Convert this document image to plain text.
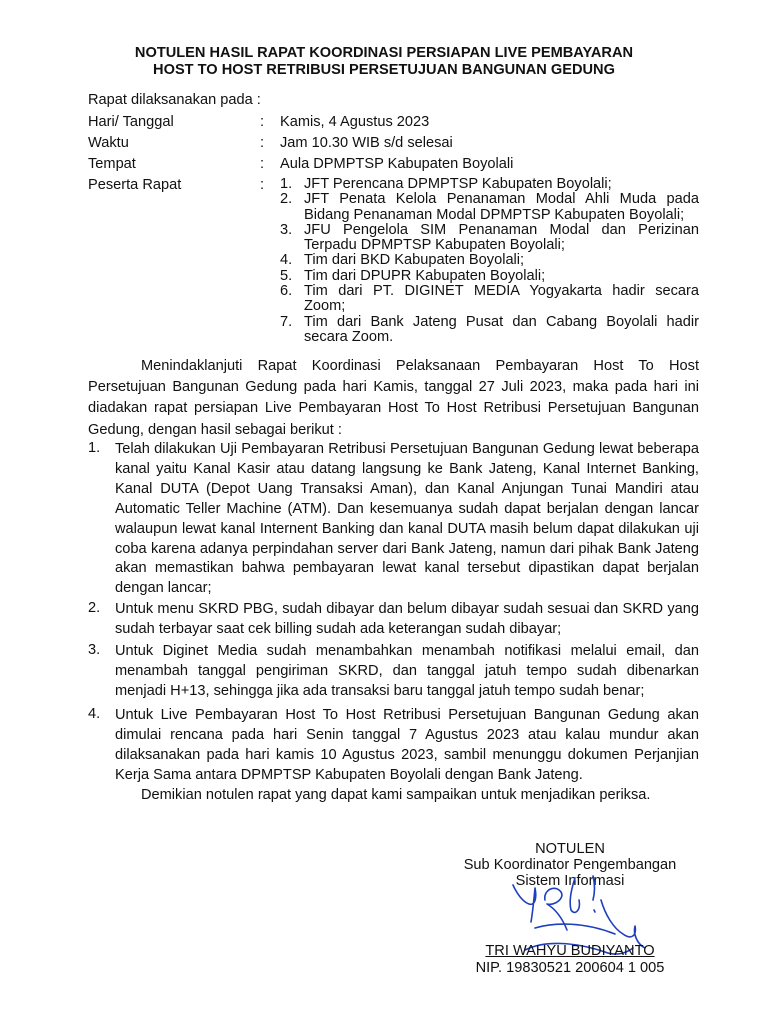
NOTULEN HASIL RAPAT KOORDINASI PERSIAPAN LIVE PEMBAYARAN
HOST TO HOST RETRIBUSI PERSETUJUAN BANGUNAN GEDUNG
Rapat dilaksanakan pada :
Hari/ Tanggal	: Kamis, 4 Agustus 2023
Waktu	: Jam 10.30 WIB s/d selesai
Tempat	: Aula DPMPTSP Kabupaten Boyolali
Peserta Rapat	: 1. JFT Perencana DPMPTSP Kabupaten Boyolali;
2. JFT Penata Kelola Penanaman Modal Ahli Muda pada Bidang Penanaman Modal DPMPTSP Kabupaten Boyolali;
3. JFU Pengelola SIM Penanaman Modal dan Perizinan Terpadu DPMPTSP Kabupaten Boyolali;
4. Tim dari BKD Kabupaten Boyolali;
5. Tim dari DPUPR Kabupaten Boyolali;
6. Tim dari PT. DIGINET MEDIA Yogyakarta hadir secara Zoom;
7. Tim dari Bank Jateng Pusat dan Cabang Boyolali hadir secara Zoom.
Menindaklanjuti Rapat Koordinasi Pelaksanaan Pembayaran Host To Host Persetujuan Bangunan Gedung pada hari Kamis, tanggal 27 Juli 2023, maka pada hari ini diadakan rapat persiapan Live Pembayaran Host To Host Retribusi Persetujuan Bangunan Gedung, dengan hasil sebagai berikut :
1. Telah dilakukan Uji Pembayaran Retribusi Persetujuan Bangunan Gedung lewat beberapa kanal yaitu Kanal Kasir atau datang langsung ke Bank Jateng, Kanal Internet Banking, Kanal DUTA (Depot Uang Transaksi Aman), dan Kanal Anjungan Tunai Mandiri atau Automatic Teller Machine (ATM). Dan kesemuanya sudah dapat berjalan dengan lancar walaupun lewat kanal Internent Banking dan kanal DUTA masih belum dapat dilakukan uji coba karena adanya perpindahan server dari Bank Jateng, namun dari pihak Bank Jateng akan memastikan bahwa pembayaran lewat kanal tersebut dipastikan dapat berjalan dengan lancar;
2. Untuk menu SKRD PBG, sudah dibayar dan belum dibayar sudah sesuai dan SKRD yang sudah terbayar saat cek billing sudah ada keterangan sudah dibayar;
3. Untuk Diginet Media sudah menambahkan menambah notifikasi melalui email, dan menambah tanggal pengiriman SKRD, dan tanggal jatuh tempo sudah dibenarkan menjadi H+13, sehingga jika ada transaksi baru tanggal jatuh tempo sudah benar;
4. Untuk Live Pembayaran Host To Host Retribusi Persetujuan Bangunan Gedung akan dimulai rencana pada hari Senin tanggal 7 Agustus 2023 atau kalau mundur akan dilaksanakan pada hari kamis 10 Agustus 2023, sambil menunggu dokumen Perjanjian Kerja Sama antara DPMPTSP Kabupaten Boyolali dengan Bank Jateng.
Demikian notulen rapat yang dapat kami sampaikan untuk menjadikan periksa.
NOTULEN
Sub Koordinator Pengembangan
Sistem Informasi
TRI WAHYU BUDIYANTO
NIP. 19830521 200604 1 005
